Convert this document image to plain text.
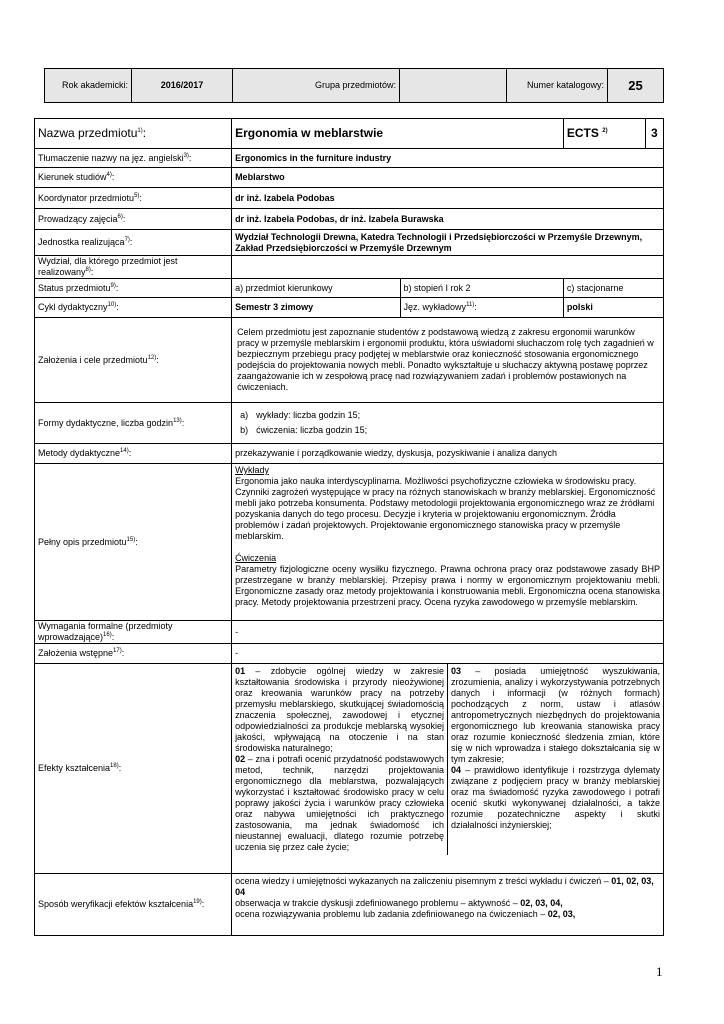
Rok akademicki:	2016/2017	Grupa przedmiotów:		Numer katalogowy:	25
Nazwa przedmiotu$^{1)}$:	Ergonomia w meblarstwie	ECTS $^{2)}$	3
Tłumaczenie nazwy na jęz. angielski$^{3)}$:	Ergonomics in the furniture industry
Kierunek studiów$^{4)}$:	Meblarstwo
Koordynator przedmiotu$^{5)}$:	dr inż. Izabela Podobas
Prowadzący zajęcia$^{6)}$:	dr inż. Izabela Podobas, dr inż. Izabela Burawska
Jednostka realizująca$^{7)}$:	Wydział Technologii Drewna, Katedra Technologii i Przedsiębiorczości w Przemyśle Drzewnym, Zakład Przedsiębiorczości w Przemyśle Drzewnym
Wydział, dla którego przedmiot jest realizowany$^{8)}$:	
Status przedmiotu$^{9)}$:	a) przedmiot kierunkowy	b) stopień I rok 2	c) stacjonarne
Cykl dydaktyczny$^{10)}$:	Semestr 3 zimowy	Jęz. wykładowy$^{11)}$:	polski
Założenia i cele przedmiotu$^{12)}$:	Celem przedmiotu jest zapoznanie studentów z podstawową wiedzą z zakresu ergonomii warunków pracy w przemyśle meblarskim i ergonomii produktu, która uświadomi słuchaczom rolę tych zagadnień w bezpiecznym przebiegu pracy podjętej w meblarstwie oraz konieczność stosowania ergonomicznego podejścia do projektowania nowych mebli. Ponadto wykształtuje u słuchaczy aktywną postawę poprzez zaangażowanie ich w zespołową pracę nad rozwiązywaniem zadań i problemów postawionych na ćwiczeniach.
Formy dydaktyczne, liczba godzin$^{13)}$:	
a) wykłady: liczba godzin 15;
b) ćwiczenia: liczba godzin 15;

Metody dydaktyczne$^{14)}$:	przekazywanie i porządkowanie wiedzy, dyskusja, pozyskiwanie i analiza danych
Pełny opis przedmiotu$^{15)}$:	
Wykłady
Ergonomia jako nauka interdyscyplinarna. Możliwości psychofizyczne człowieka w środowisku pracy. Czynniki zagrożeń występujące w pracy na różnych stanowiskach w branży meblarskiej. Ergonomiczność mebli jako potrzeba konsumenta. Podstawy metodologii projektowania ergonomicznego wraz ze źródłami pozyskania danych do tego procesu. Decyzje i kryteria w projektowaniu ergonomicznym. Źródła problemów i zadań projektowych. Projektowanie ergonomicznego stanowiska pracy w przemyśle meblarskim.
Ćwiczenia
Parametry fizjologiczne oceny wysiłku fizycznego. Prawna ochrona pracy oraz podstawowe zasady BHP przestrzegane w branży meblarskiej. Przepisy prawa i normy w ergonomicznym projektowaniu mebli. Ergonomiczne zasady oraz metody projektowania i konstruowania mebli. Ergonomiczna ocena stanowiska pracy. Metody projektowania przestrzeni pracy. Ocena ryzyka zawodowego w przemyśle meblarskim.

Wymagania formalne (przedmioty wprowadzające)$^{16)}$:	-
Założenia wstępne$^{17)}$:	-
Efekty kształcenia$^{18)}$:	
01 – zdobycie ogólnej wiedzy w zakresie kształtowania środowiska i przyrody nieożywionej oraz kreowania warunków pracy na potrzeby przemysłu meblarskiego, skutkującej świadomością znaczenia społecznej, zawodowej i etycznej odpowiedzialności za produkcje meblarską wysokiej jakości, wpływającą na otoczenie i na stan środowiska naturalnego;
02 – zna i potrafi ocenić przydatność podstawowych metod, technik, narzędzi projektowania ergonomicznego dla meblarstwa, pozwalających wykorzystać i kształtować środowisko pracy w celu poprawy jakości życia i warunków pracy człowieka oraz nabywa umiejętności ich praktycznego zastosowania, ma jednak świadomość ich nieustannej ewaluacji, dlatego rozumie potrzebę uczenia się przez całe życie;

03 – posiada umiejętność wyszukiwania, zrozumienia, analizy i wykorzystywania potrzebnych danych i informacji (w różnych formach) pochodzących z norm, ustaw i atlasów antropometrycznych niezbędnych do projektowania ergonomicznego lub kreowania stanowiska pracy oraz rozumie konieczność śledzenia zmian, które się w nich wprowadza i stałego dokształcania się w tym zakresie;
04 – prawidłowo identyfikuje i rozstrzyga dylematy związane z podjęciem pracy w branży meblarskiej oraz ma świadomość ryzyka zawodowego i potrafi ocenić skutki wykonywanej działalności, a także rozumie pozatechniczne aspekty i skutki działalności inżynierskiej;

Sposób weryfikacji efektów kształcenia$^{19)}$:	
ocena wiedzy i umiejętności wykazanych na zaliczeniu pisemnym z treści wykładu i ćwiczeń – 01, 02, 03, 04
obserwacja w trakcie dyskusji zdefiniowanego problemu – aktywność – 02, 03, 04,
ocena rozwiązywania problemu lub zadania zdefiniowanego na ćwiczeniach – 02, 03,
1
